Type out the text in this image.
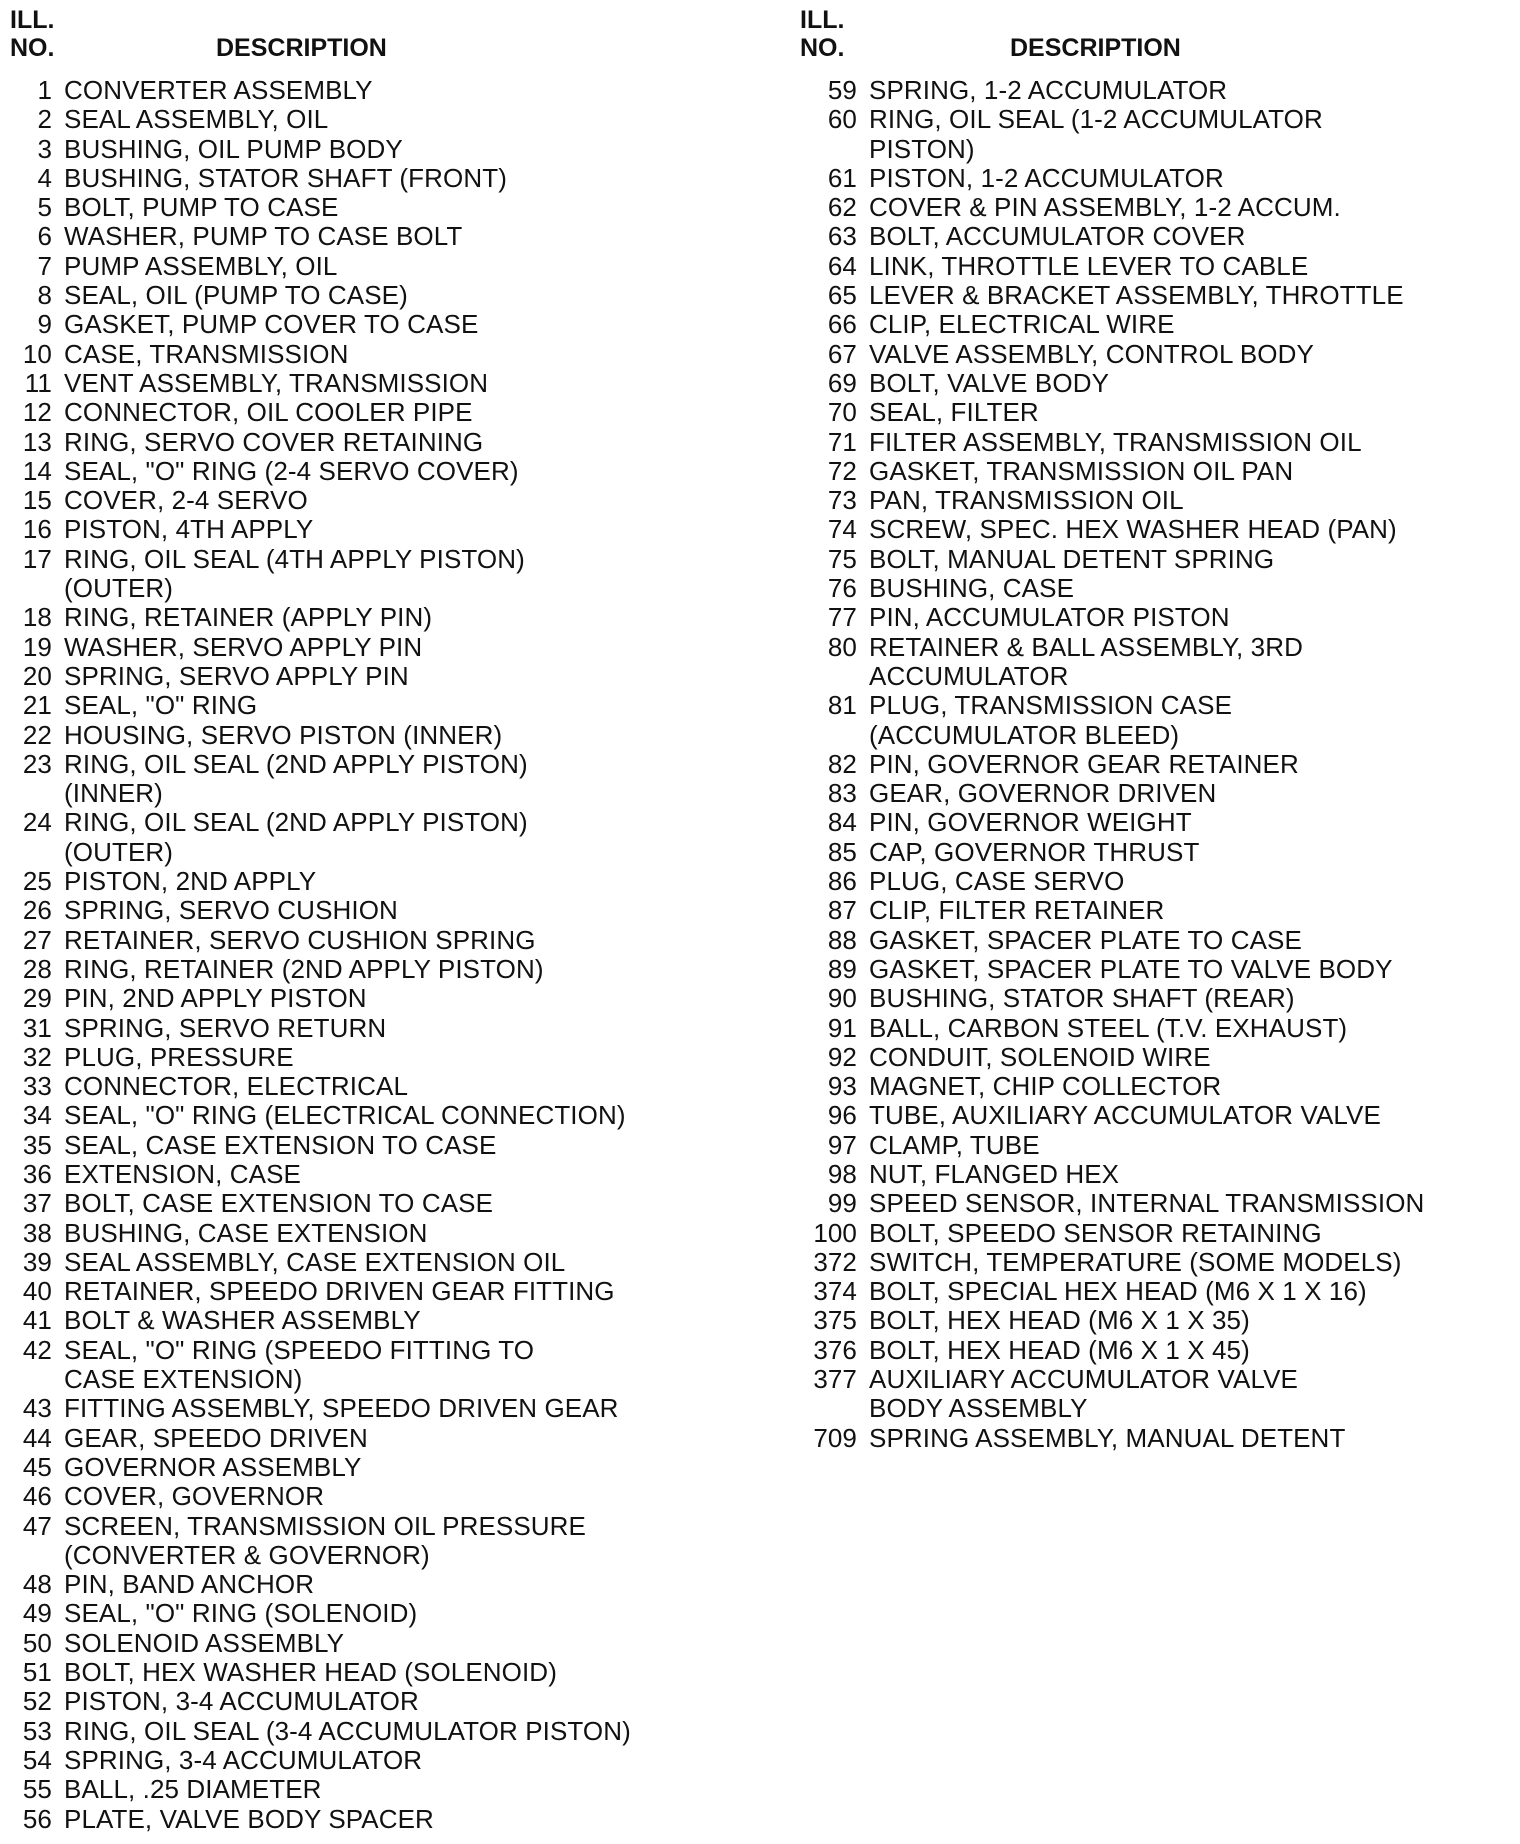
ILL.
NO.	DESCRIPTION
1 CONVERTER ASSEMBLY
2 SEAL ASSEMBLY, OIL
3 BUSHING, OIL PUMP BODY
4 BUSHING, STATOR SHAFT (FRONT)
5 BOLT, PUMP TO CASE
6 WASHER, PUMP TO CASE BOLT
7 PUMP ASSEMBLY, OIL
8 SEAL, OIL (PUMP TO CASE)
9 GASKET, PUMP COVER TO CASE
10 CASE, TRANSMISSION
11 VENT ASSEMBLY, TRANSMISSION
12 CONNECTOR, OIL COOLER PIPE
13 RING, SERVO COVER RETAINING
14 SEAL, "O" RING (2-4 SERVO COVER)
15 COVER, 2-4 SERVO
16 PISTON, 4TH APPLY
17 RING, OIL SEAL (4TH APPLY PISTON)
(OUTER)
18 RING, RETAINER (APPLY PIN)
19 WASHER, SERVO APPLY PIN
20 SPRING, SERVO APPLY PIN
21 SEAL, "O" RING
22 HOUSING, SERVO PISTON (INNER)
23 RING, OIL SEAL (2ND APPLY PISTON)
(INNER)
24 RING, OIL SEAL (2ND APPLY PISTON)
(OUTER)
25 PISTON, 2ND APPLY
26 SPRING, SERVO CUSHION
27 RETAINER, SERVO CUSHION SPRING
28 RING, RETAINER (2ND APPLY PISTON)
29 PIN, 2ND APPLY PISTON
31 SPRING, SERVO RETURN
32 PLUG, PRESSURE
33 CONNECTOR, ELECTRICAL
34 SEAL, "O" RING (ELECTRICAL CONNECTION)
35 SEAL, CASE EXTENSION TO CASE
36 EXTENSION, CASE
37 BOLT, CASE EXTENSION TO CASE
38 BUSHING, CASE EXTENSION
39 SEAL ASSEMBLY, CASE EXTENSION OIL
40 RETAINER, SPEEDO DRIVEN GEAR FITTING
41 BOLT & WASHER ASSEMBLY
42 SEAL, "O" RING (SPEEDO FITTING TO
CASE EXTENSION)
43 FITTING ASSEMBLY, SPEEDO DRIVEN GEAR
44 GEAR, SPEEDO DRIVEN
45 GOVERNOR ASSEMBLY
46 COVER, GOVERNOR
47 SCREEN, TRANSMISSION OIL PRESSURE
(CONVERTER & GOVERNOR)
48 PIN, BAND ANCHOR
49 SEAL, "O" RING (SOLENOID)
50 SOLENOID ASSEMBLY
51 BOLT, HEX WASHER HEAD (SOLENOID)
52 PISTON, 3-4 ACCUMULATOR
53 RING, OIL SEAL (3-4 ACCUMULATOR PISTON)
54 SPRING, 3-4 ACCUMULATOR
55 BALL, .25 DIAMETER
56 PLATE, VALVE BODY SPACER
ILL.
NO.	DESCRIPTION
59 SPRING, 1-2 ACCUMULATOR
60 RING, OIL SEAL (1-2 ACCUMULATOR
PISTON)
61 PISTON, 1-2 ACCUMULATOR
62 COVER & PIN ASSEMBLY, 1-2 ACCUM.
63 BOLT, ACCUMULATOR COVER
64 LINK, THROTTLE LEVER TO CABLE
65 LEVER & BRACKET ASSEMBLY, THROTTLE
66 CLIP, ELECTRICAL WIRE
67 VALVE ASSEMBLY, CONTROL BODY
69 BOLT, VALVE BODY
70 SEAL, FILTER
71 FILTER ASSEMBLY, TRANSMISSION OIL
72 GASKET, TRANSMISSION OIL PAN
73 PAN, TRANSMISSION OIL
74 SCREW, SPEC. HEX WASHER HEAD (PAN)
75 BOLT, MANUAL DETENT SPRING
76 BUSHING, CASE
77 PIN, ACCUMULATOR PISTON
80 RETAINER & BALL ASSEMBLY, 3RD
ACCUMULATOR
81 PLUG, TRANSMISSION CASE
(ACCUMULATOR BLEED)
82 PIN, GOVERNOR GEAR RETAINER
83 GEAR, GOVERNOR DRIVEN
84 PIN, GOVERNOR WEIGHT
85 CAP, GOVERNOR THRUST
86 PLUG, CASE SERVO
87 CLIP, FILTER RETAINER
88 GASKET, SPACER PLATE TO CASE
89 GASKET, SPACER PLATE TO VALVE BODY
90 BUSHING, STATOR SHAFT (REAR)
91 BALL, CARBON STEEL (T.V. EXHAUST)
92 CONDUIT, SOLENOID WIRE
93 MAGNET, CHIP COLLECTOR
96 TUBE, AUXILIARY ACCUMULATOR VALVE
97 CLAMP, TUBE
98 NUT, FLANGED HEX
99 SPEED SENSOR, INTERNAL TRANSMISSION
100 BOLT, SPEEDO SENSOR RETAINING
372 SWITCH, TEMPERATURE (SOME MODELS)
374 BOLT, SPECIAL HEX HEAD (M6 X 1 X 16)
375 BOLT, HEX HEAD (M6 X 1 X 35)
376 BOLT, HEX HEAD (M6 X 1 X 45)
377 AUXILIARY ACCUMULATOR VALVE
BODY ASSEMBLY
709 SPRING ASSEMBLY, MANUAL DETENT
